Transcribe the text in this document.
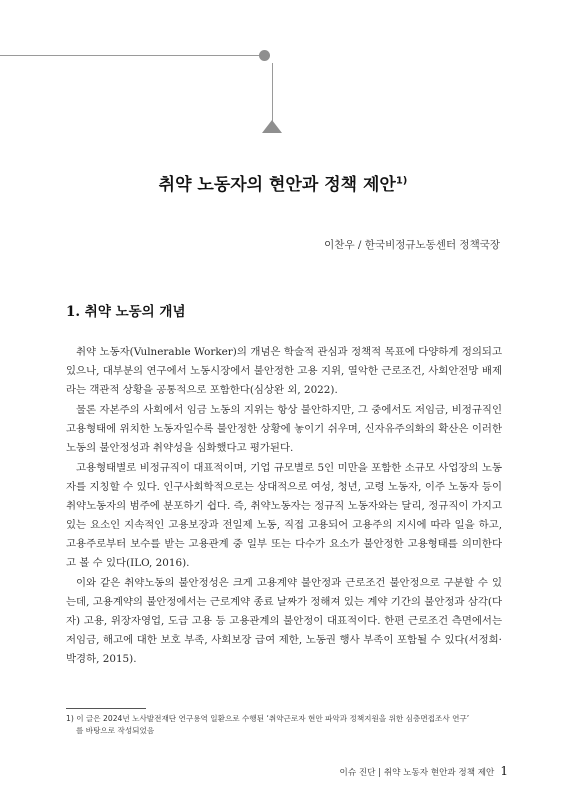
취약 노동자의 현안과 정책 제안$^{1)}$
이찬우 / 한국비정규노동센터 정책국장
1. 취약 노동의 개념

취약 노동자(Vulnerable Worker)의 개념은 학술적 관심과 정책적 목표에 다양하게 정의되고 있으나, 대부분의 연구에서 노동시장에서 불안정한 고용 지위, 열악한 근로조건, 사회안전망 배제라는 객관적 상황을 공통적으로 포함한다(심상완 외, 2022).

물론 자본주의 사회에서 임금 노동의 지위는 항상 불안하지만, 그 중에서도 저임금, 비정규직인 고용형태에 위치한 노동자일수록 불안정한 상황에 놓이기 쉬우며, 신자유주의화의 확산은 이러한 노동의 불안정성과 취약성을 심화했다고 평가된다.

고용형태별로 비정규직이 대표적이며, 기업 규모별로 5인 미만을 포함한 소규모 사업장의 노동자를 지칭할 수 있다. 인구사회학적으로는 상대적으로 여성, 청년, 고령 노동자, 이주 노동자 등이 취약노동자의 범주에 분포하기 쉽다. 즉, 취약노동자는 정규직 노동자와는 달리, 정규직이 가지고 있는 요소인 지속적인 고용보장과 전일제 노동, 직접 고용되어 고용주의 지시에 따라 일을 하고, 고용주로부터 보수를 받는 고용관계 중 일부 또는 다수가 요소가 불안정한 고용형태를 의미한다고 볼 수 있다(ILO, 2016).

이와 같은 취약노동의 불안정성은 크게 고용계약 불안정과 근로조건 불안정으로 구분할 수 있는데, 고용계약의 불안정에서는 근로계약 종료 날짜가 정해져 있는 계약 기간의 불안정과 삼각(다자) 고용, 위장자영업, 도급 고용 등 고용관계의 불안정이 대표적이다. 한편 근로조건 측면에서는 저임금, 해고에 대한 보호 부족, 사회보장 급여 제한, 노동권 행사 부족이 포함될 수 있다(서정희·박경하, 2015).

1) 이 글은 2024년 노사발전재단 연구용역 일환으로 수행된 ‘취약근로자 현안 파악과 정책지원을 위한 심층면접조사 연구’
를 바탕으로 작성되었음
이슈 진단 | 취약 노동자 현안과 정책 제안 1
